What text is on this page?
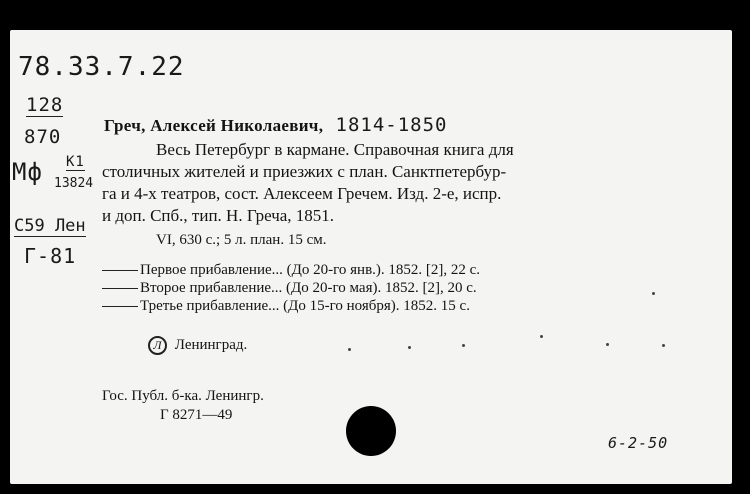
78.33.7.22
128
870
Мф К1
13824
С59 Лен
Г-81
Греч, Алексей Николаевич, 1814-1850
Весь Петербург в кармане. Справочная книга для
столичных жителей и приезжих с план. Санктпетербур-
га и 4-х театров, сост. Алексеем Гречем. Изд. 2-е, испр.
и доп. Спб., тип. Н. Греча, 1851.
VI, 630 с.; 5 л. план. 15 см.
Первое прибавление... (До 20-го янв.). 1852. [2], 22 с.
Второе прибавление... (До 20-го мая). 1852. [2], 20 с.
Третье прибавление... (До 15-го ноября). 1852. 15 с.
Л Ленинград.
Гос. Публ. б-ка. Ленингр.
Г 8271—49
6-2-50
